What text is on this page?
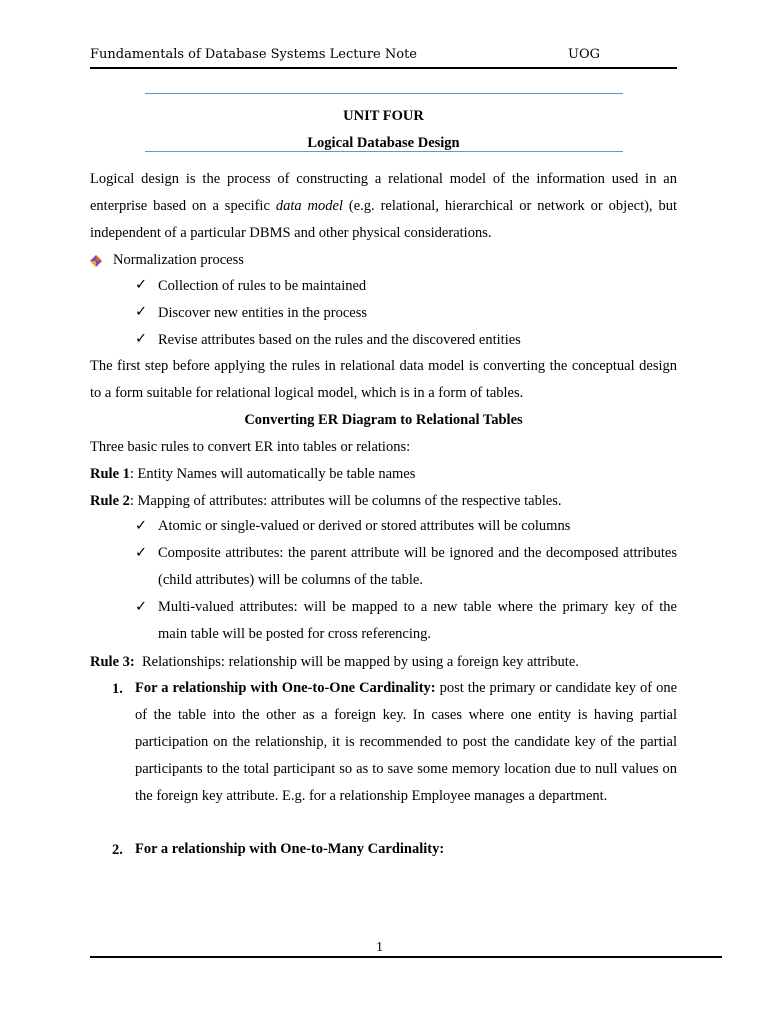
Fundamentals of Database Systems Lecture Note	UOG
UNIT FOUR
Logical Database Design

Logical design is the process of constructing a relational model of the information used in an enterprise based on a specific data model (e.g. relational, hierarchical or network or object), but independent of a particular DBMS and other physical considerations.

Normalization process
✓ Collection of rules to be maintained
✓ Discover new entities in the process
✓ Revise attributes based on the rules and the discovered entities

The first step before applying the rules in relational data model is converting the conceptual design to a form suitable for relational logical model, which is in a form of tables.

Converting ER Diagram to Relational Tables
Three basic rules to convert ER into tables or relations:
Rule 1: Entity Names will automatically be table names
Rule 2: Mapping of attributes: attributes will be columns of the respective tables.
✓ Atomic or single-valued or derived or stored attributes will be columns

✓ Composite attributes: the parent attribute will be ignored and the decomposed attributes (child attributes) will be columns of the table.

✓ Multi-valued attributes: will be mapped to a new table where the primary key of the main table will be posted for cross referencing.

Rule 3:  Relationships: relationship will be mapped by using a foreign key attribute.
1. For a relationship with One-to-One Cardinality: post the primary or candidate key of one of the table into the other as a foreign key. In cases where one entity is having partial participation on the relationship, it is recommended to post the candidate key of the partial participants to the total participant so as to save some memory location due to null values on the foreign key attribute. E.g. for a relationship Employee manages a department.

2. For a relationship with One-to-Many Cardinality:

1
